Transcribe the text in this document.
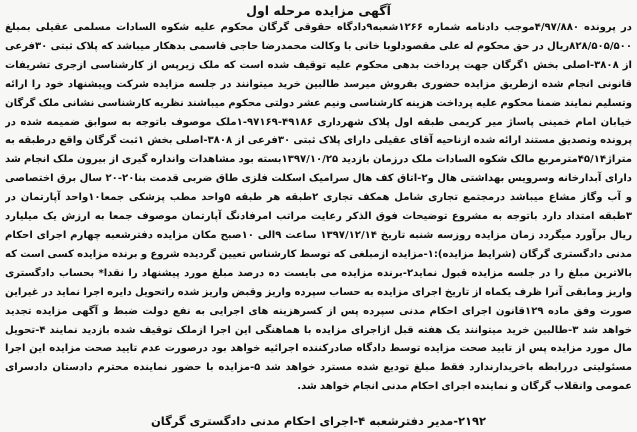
آگهی مزایده مرحله اول

در پرونده ۴/۹۷/۸۸۰موجب دادنامه شماره ۱۲۶۶شعبه۹دادگاه حقوقی گرگان محکوم علیه شکوه السادات مسلمی عقیلی بمبلغ ۸۲۸/۵۰۵/۵۰۰ریال در حق محکوم له علی مقصودلوبا خانی با وکالت محمدرضا حاجی قاسمی بدهکار میباشد که پلاک ثبتی ۳۰فرعی از ۳۸۰۸-اصلی بخش ۱گرگان جهت پرداخت بدهی محکوم علیه توقیف شده است که ملک زیرپس از کارشناسی ازجری تشریفات قانونی انجام شده ازطریق مزایده حضوری بفروش میرسد طالبین خرید میتوانند در جلسه مزایده شرکت وپیشنهاد خود را ارائه وتسلیم نمایند ضمنا محکوم علیه پرداخت هزینه کارشناسی ونیم عشر دولتی محکوم میباشند نظریه کارشناسی نشانی ملک گرگان خیابان امام خمینی پاساژ میر کریمی طبقه اول پلاک شهرداری ۴۹۱۸۶-۹۷۱۶۹-۱ملک موصوف باتوجه به سوابق ضمیمه شده در پرونده وتصدیق مستند ارائه شده ازناحیه آقای عقیلی دارای پلاک ثبتی ۳۰فرعی از ۳۸۰۸-اصلی بخش ۱ثبت گرگان واقع درطبقه به مترا‌ژ۴۵/۱۴مترمربع مالک شکوه السادات ملک درزمان بازدید ۱۳۹۷/۱۰/۲۵بسته بود مشاهدات وانداره گیری از بیرون ملک انجام شد دارای آبدارخانه وسرویس بهداشتی هال و۲-اتاق کف هال سرامیک اسکلت فلزی طاق ضربی قدمت بنا۲۰-۲۰ سال برق اختصاصی و آب وگاز مشاع میباشد درمجتمع تجاری شامل همکف تجاری ۲طبقه هر طبقه ۵واحد مطب پزشکی جمعا۱۰واحد آپارتمان در ۳طبقه امتداد دارد باتوجه به مشروع توضیحات فوق الذکر رعایت مراتب امرفادنگ آپارتمان موصوف جمعا به ارزش یک میلیارد ریال برآورد میگردد زمان مزایده روزسه شنبه تاریخ ۱۳۹۷/۱۲/۱۴ ساعت ۹الی ۱۰صبح مکان مزایده دفترشعبه چهارم اجرای احکام مدنی دادگستری گرگان (شرایط مزایده):۱-مزایده ازمبلغی که توسط کارشناس تعیین گردیده شروع و برنده مزایده کسی است که بالاترین مبلغ را در جلسه مزایده قبول نماید۲-برنده مزایده می بایست ده درصد مبلغ مورد پیشنهاد را نقدا* بحساب دادگستری واریز ومابقی آنرا ظرف یکماه از تاریخ اجرای مزایده به حساب سپرده واریز وقبض واریز شده راتحویل دایره اجرا نماید در غیراین صورت وفق ماده ۱۲۹قانون اجرای احکام مدنی سپرده پس از کسرهزینه های اجرایی به نفع دولت ضبط و آگهی مزایده تجدید خواهد شد ۳-طالبین خرید میتوانند یک هفته قبل ازاجرای مزایده با هماهنگی این اجرا ازملک توقیف شده بازدید نمایند ۴-تحویل مال مورد مزایده پس از تایید صحت مزایده توسط دادگاه صادرکننده اجرائیه خواهد بود درصورت عدم تایید صحت مزایده این اجرا مسئولیتی دررابطه باخریدارندارد فقط مبلغ تودیع شده مسترد خواهد شد ۵-مزایده با حضور نماینده محترم دادستان دادسرای عمومی وانقلاب گرگان و نماینده اجرای احکام مدنی انجام خواهد شد.

۲۱۹۲-مدیر دفترشعبه ۴-اجرای احکام مدنی دادگستری گرگان
